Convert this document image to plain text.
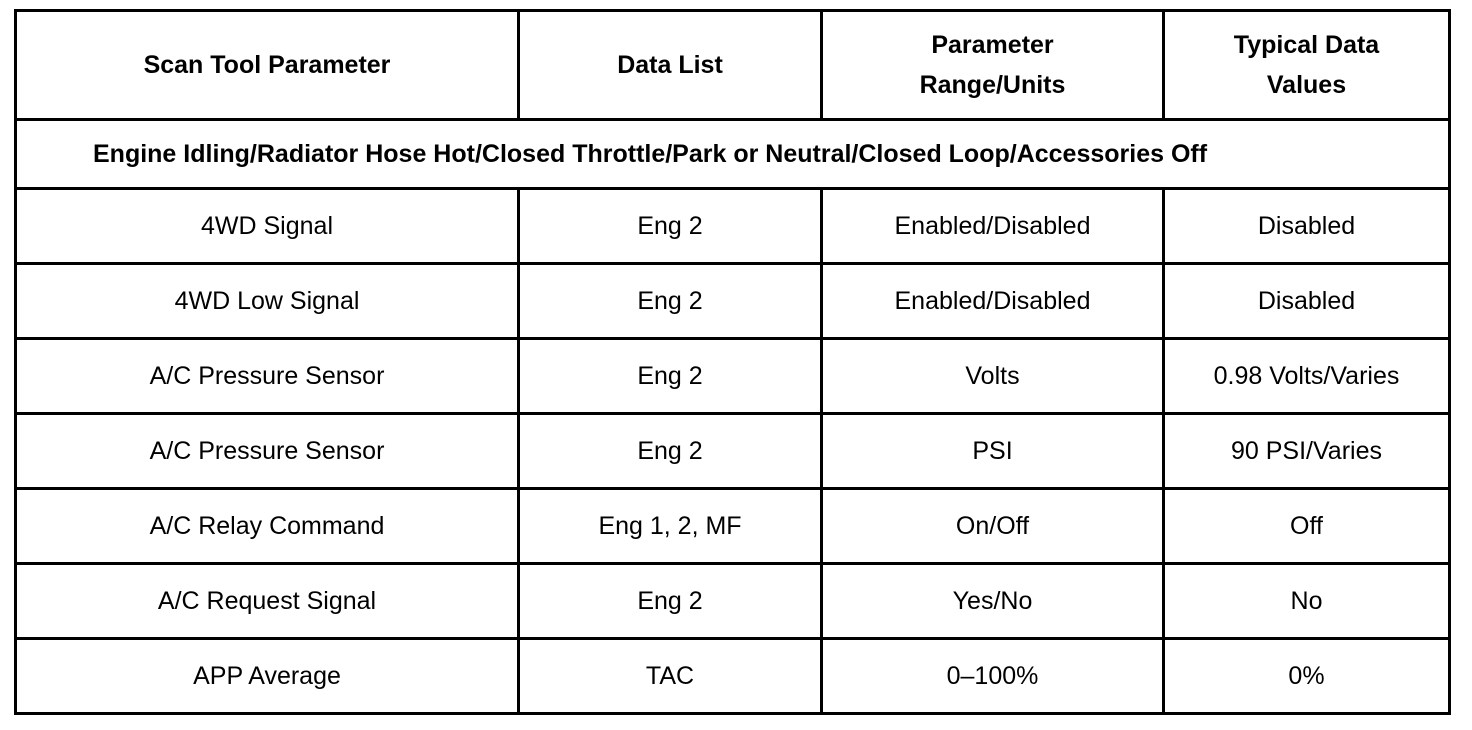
Scan Tool Parameter	Data List	Parameter Range/Units	Typical Data Values
Engine Idling/Radiator Hose Hot/Closed Throttle/Park or Neutral/Closed Loop/Accessories Off			
4WD Signal	Eng 2	Enabled/Disabled	Disabled
4WD Low Signal	Eng 2	Enabled/Disabled	Disabled
A/C Pressure Sensor	Eng 2	Volts	0.98 Volts/Varies
A/C Pressure Sensor	Eng 2	PSI	90 PSI/Varies
A/C Relay Command	Eng 1, 2, MF	On/Off	Off
A/C Request Signal	Eng 2	Yes/No	No
APP Average	TAC	0–100%	0%
